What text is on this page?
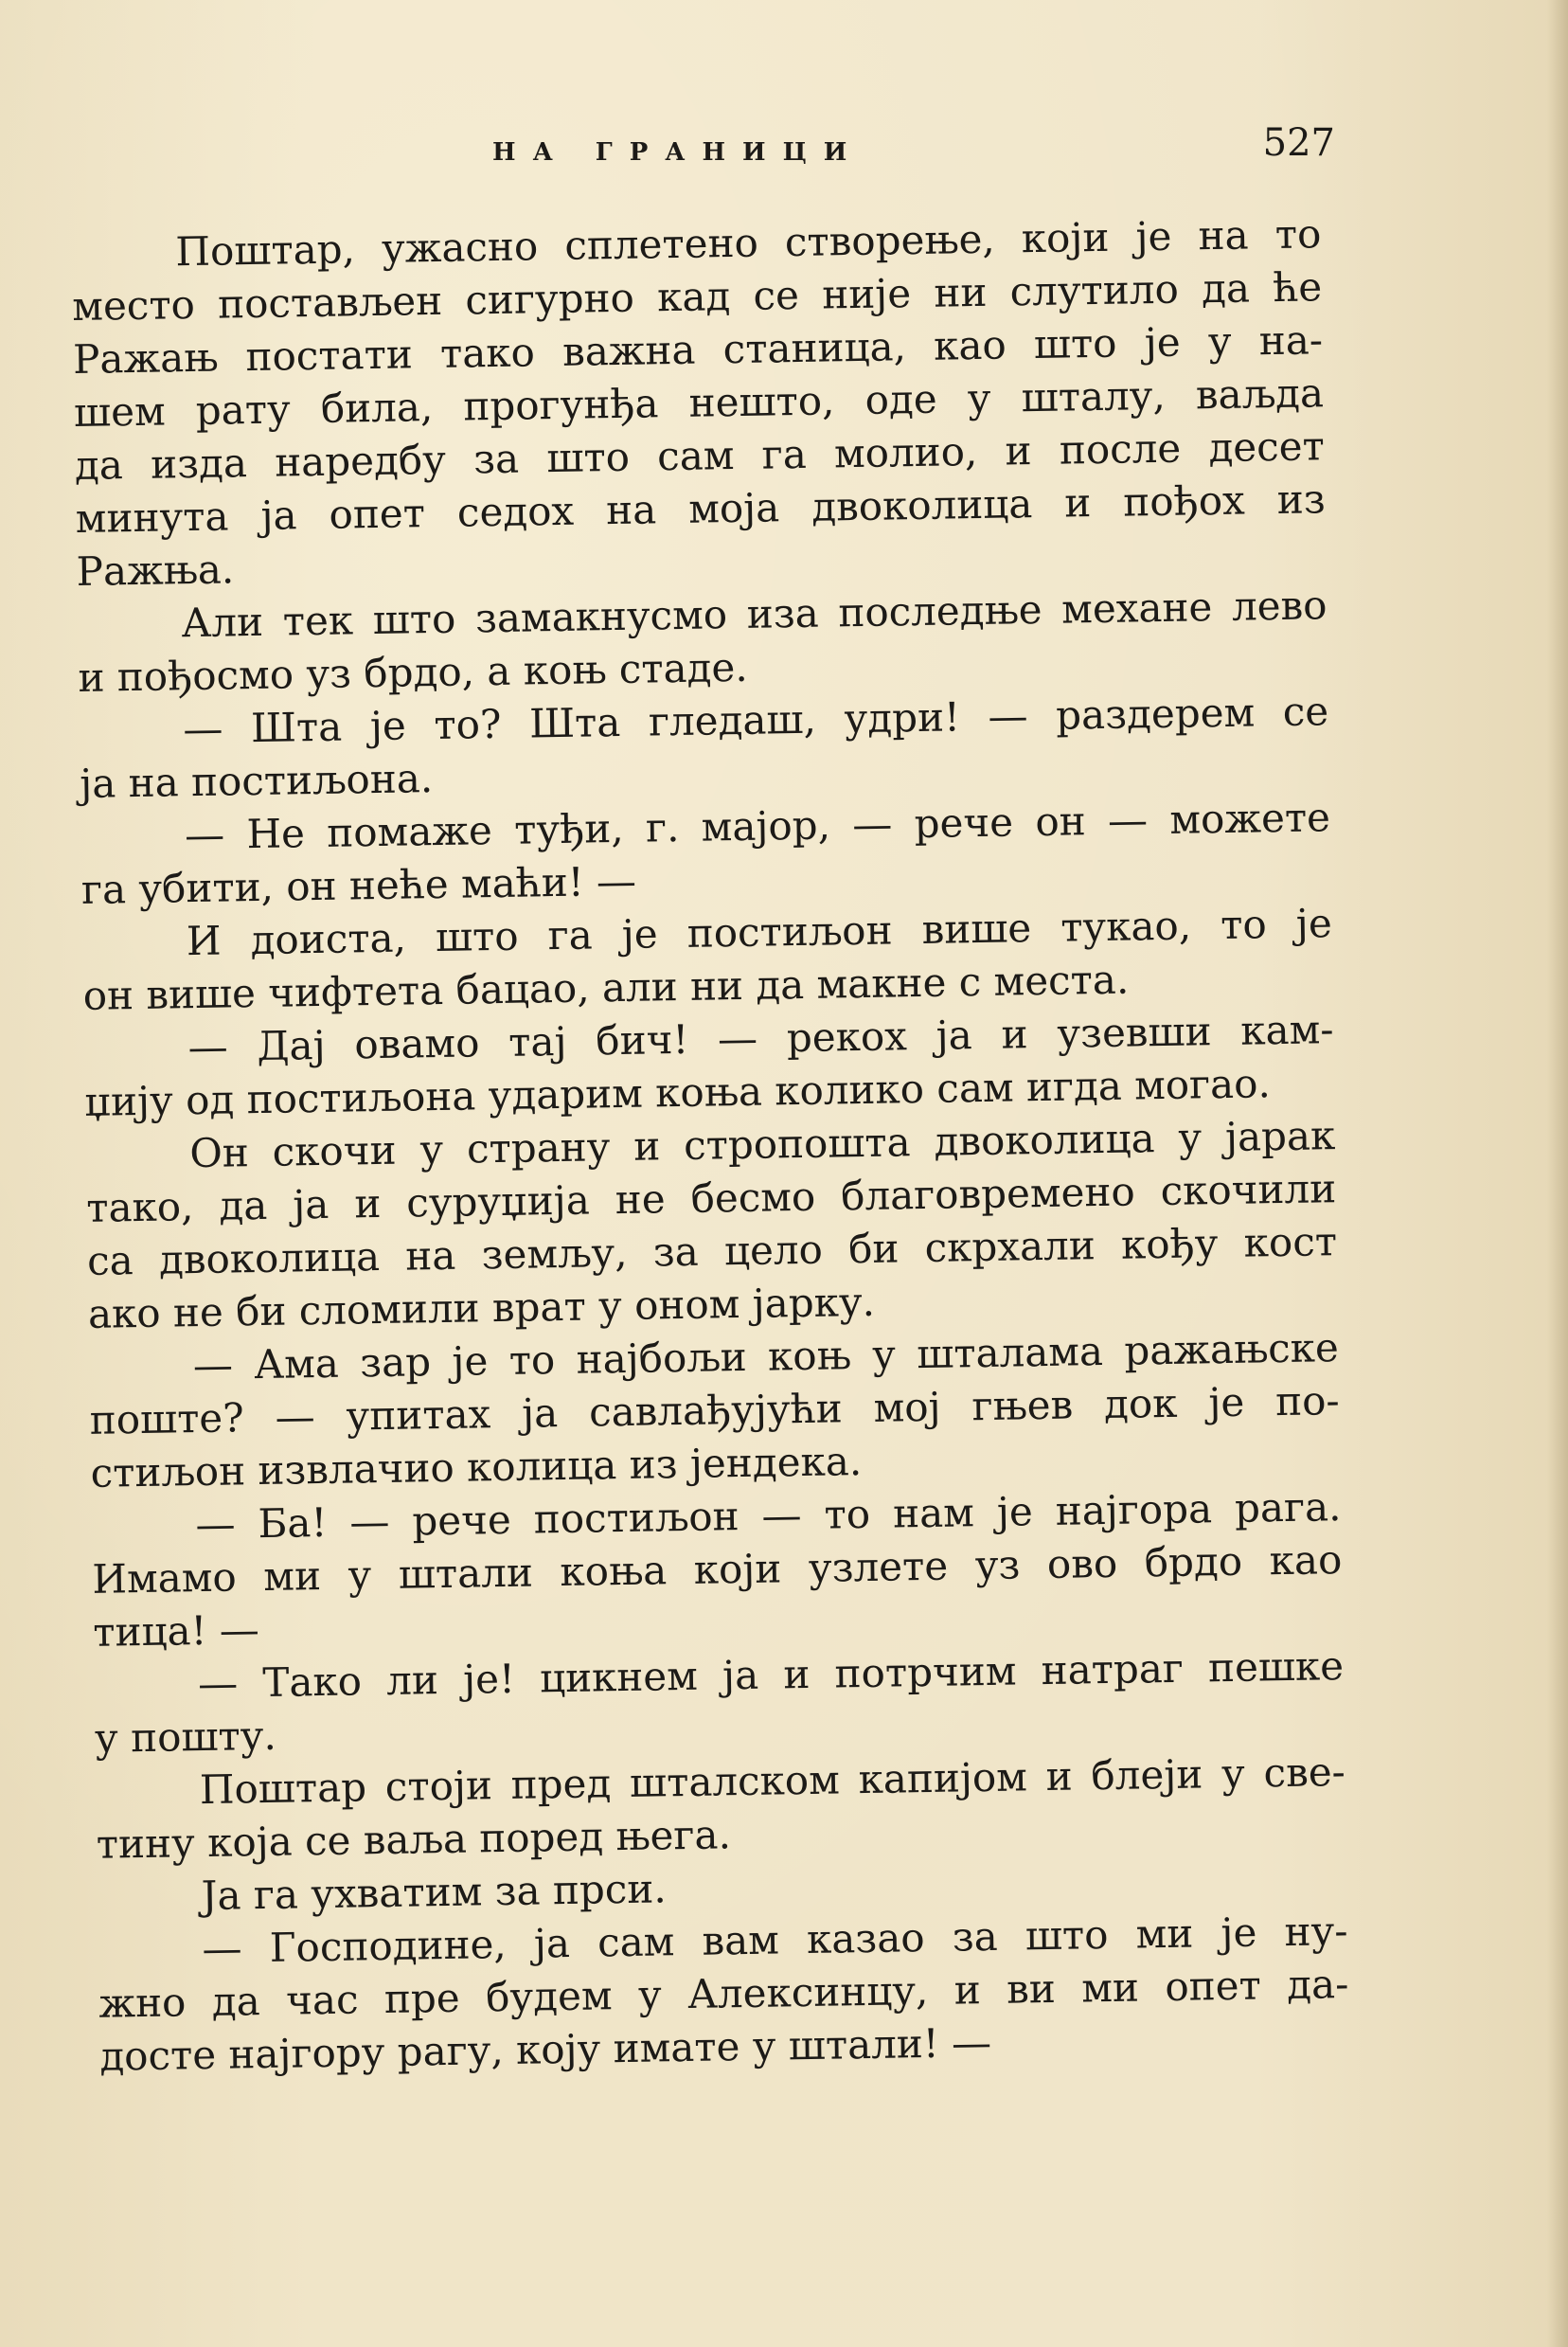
НА ГРАНИЦИ	527
Поштар, ужасно сплетено створење, који је на то
место постављен сигурно кад се није ни слутило да ће
Ражањ постати тако важна станица, као што је у на-
шем рату била, прогунђа нешто, оде у шталу, ваљда
да изда наредбу за што сам га молио, и после десет
минута ја опет седох на моја двоколица и пођох из
Ражња.
Али тек што замакнусмо иза последње механе лево
и пођосмо уз брдо, а коњ стаде.
— Шта је то? Шта гледаш, удри! — раздерем се
ја на постиљона.
— Не помаже туђи, г. мајор, — рече он — можете
га убити, он неће маћи! —
И доиста, што га је постиљон више тукао, то је
он више чифтета бацао, али ни да макне с места.
— Дај овамо тај бич! — рекох ја и узевши кам-
џију од постиљона ударим коња колико сам игда могао.
Он скочи у страну и стропошта двоколица у јарак
тако, да ја и суруџија не бесмо благовремено скочили
са двоколица на земљу, за цело би скрхали кођу кост
ако не би сломили врат у оном јарку.
— Ама зар је то најбољи коњ у шталама ражањске
поште? — упитах ја савлађујући мој гњев док је по-
стиљон извлачио колица из јендека.
— Ба! — рече постиљон — то нам је најгора рага.
Имамо ми у штали коња који узлете уз ово брдо као
тица! —
— Тако ли је! цикнем ја и потрчим натраг пешке
у пошту.
Поштар стоји пред шталском капијом и блеји у све-
тину која се ваља поред њега.
Ја га ухватим за прси.
— Господине, ја сам вам казао за што ми је ну-
жно да час пре будем у Алексинцу, и ви ми опет да-
досте најгору рагу, коју имате у штали! —
